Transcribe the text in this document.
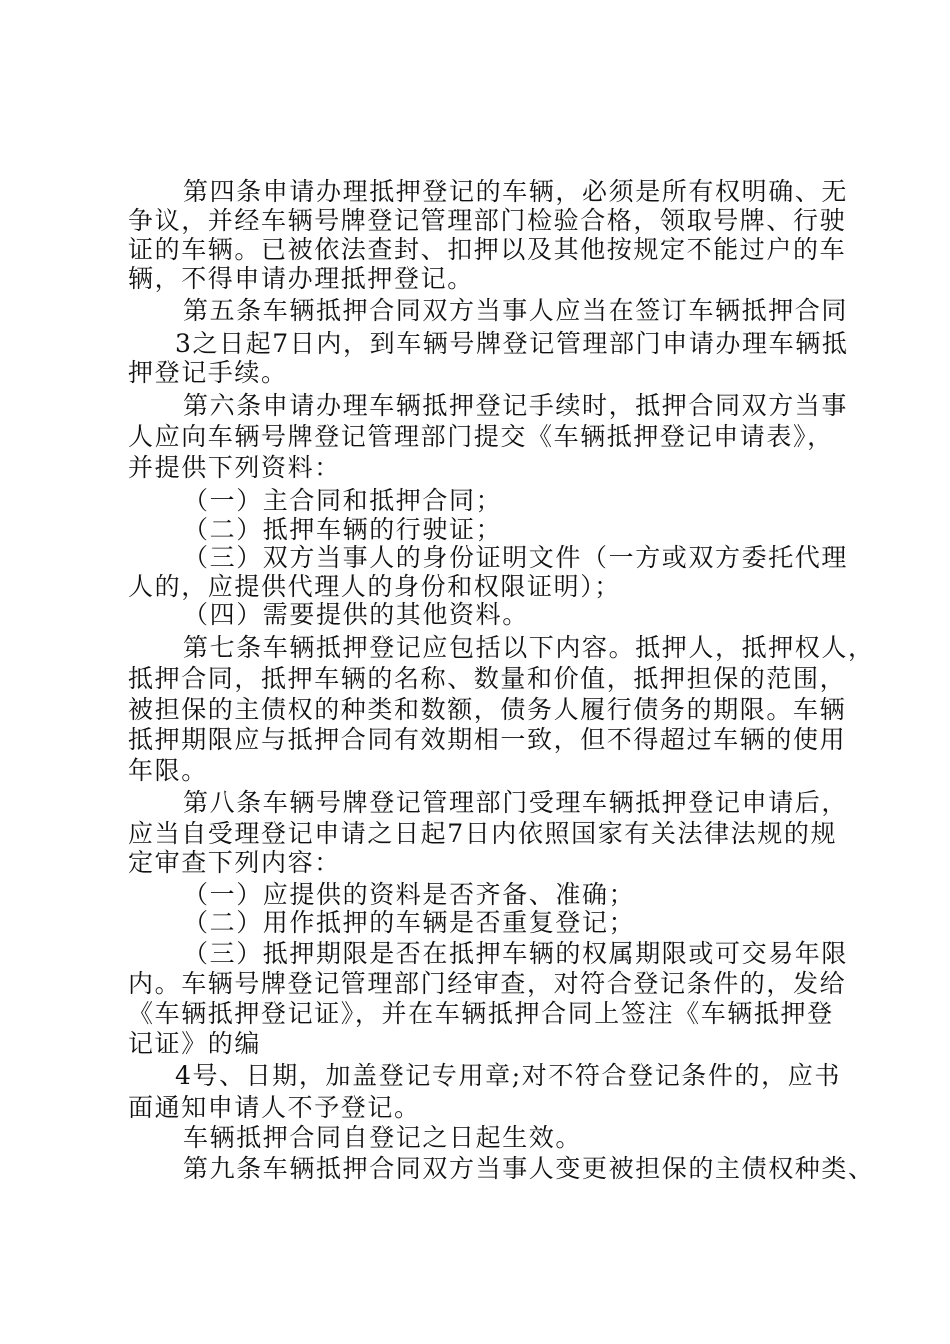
第四条申请办理抵押登记的车辆，必须是所有权明确、无
争议，并经车辆号牌登记管理部门检验合格，领取号牌、行驶
证的车辆。已被依法查封、扣押以及其他按规定不能过户的车
辆，不得申请办理抵押登记。
第五条车辆抵押合同双方当事人应当在签订车辆抵押合同
3之日起7日内，到车辆号牌登记管理部门申请办理车辆抵
押登记手续。
第六条申请办理车辆抵押登记手续时，抵押合同双方当事
人应向车辆号牌登记管理部门提交《车辆抵押登记申请表》，
并提供下列资料：
（一）主合同和抵押合同；
（二）抵押车辆的行驶证；
（三）双方当事人的身份证明文件（一方或双方委托代理
人的，应提供代理人的身份和权限证明）；
（四）需要提供的其他资料。
第七条车辆抵押登记应包括以下内容。抵押人，抵押权人，
抵押合同，抵押车辆的名称、数量和价值，抵押担保的范围，
被担保的主债权的种类和数额，债务人履行债务的期限。车辆
抵押期限应与抵押合同有效期相一致，但不得超过车辆的使用
年限。
第八条车辆号牌登记管理部门受理车辆抵押登记申请后，
应当自受理登记申请之日起7日内依照国家有关法律法规的规
定审查下列内容：
（一）应提供的资料是否齐备、准确；
（二）用作抵押的车辆是否重复登记；
（三）抵押期限是否在抵押车辆的权属期限或可交易年限
内。车辆号牌登记管理部门经审查，对符合登记条件的，发给
《车辆抵押登记证》，并在车辆抵押合同上签注《车辆抵押登
记证》的编
4号、日期，加盖登记专用章;对不符合登记条件的，应书
面通知申请人不予登记。
车辆抵押合同自登记之日起生效。
第九条车辆抵押合同双方当事人变更被担保的主债权种类、
